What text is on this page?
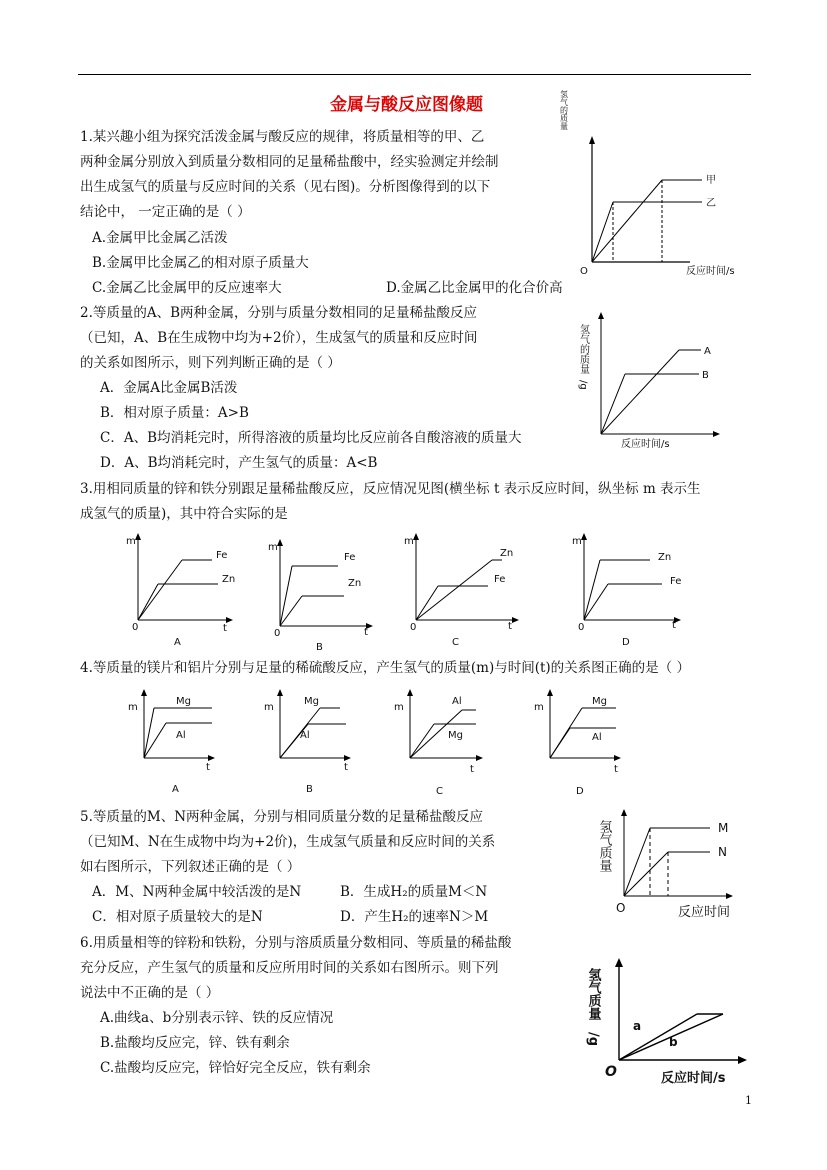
金属与酸反应图像题
1.某兴趣小组为探究活泼金属与酸反应的规律，将质量相等的甲、乙
两种金属分别放入到质量分数相同的足量稀盐酸中，经实验测定并绘制
出生成氢气的质量与反应时间的关系（见右图)。分析图像得到的以下
结论中， 一定正确的是（ ）
A.金属甲比金属乙活泼
B.金属甲比金属乙的相对原子质量大
C.金属乙比金属甲的反应速率大	D.金属乙比金属甲的化合价高
氢气的质量
甲
乙
O	反应时间/s
2.等质量的A、B两种金属，分别与质量分数相同的足量稀盐酸反应
（已知，A、B在生成物中均为+2价），生成氢气的质量和反应时间
的关系如图所示，则下列判断正确的是（ ）
A．金属A比金属B活泼
B．相对原子质量：A>B
C．A、B均消耗完时，所得溶液的质量均比反应前各自酸溶液的质量大
D．A、B均消耗完时，产生氢气的质量：A<B
氢气的质量
/g
A
B
反应时间/s
3.用相同质量的锌和铁分别跟足量稀盐酸反应，反应情况见图(横坐标 t 表示反应时间，纵坐标 m 表示生
成氢气的质量)，其中符合实际的是
m
Fe
Zn
0	t
A
m
Fe
Zn
0	t
B
m
Zn
Fe
0	t
C
m
Zn
Fe
0	t
D
4.等质量的镁片和铝片分别与足量的稀硫酸反应，产生氢气的质量(m)与时间(t)的关系图正确的是（ ）
m
Mg
Al
t
A
m
Mg
Al
t
B
m
Al
Mg
t
C
m
Mg
Al
t
D
5.等质量的M、N两种金属，分别与相同质量分数的足量稀盐酸反应
（已知M、N在生成物中均为+2价)，生成氢气质量和反应时间的关系
如右图所示，下列叙述正确的是（ ）
A．M、N两种金属中较活泼的是N	B．生成H₂的质量M＜N
C．相对原子质量较大的是N	D．产生H₂的速率N＞M
氢气质量	M
N
O	反应时间
6.用质量相等的锌粉和铁粉，分别与溶质质量分数相同、等质量的稀盐酸
充分反应，产生氢气的质量和反应所用时间的关系如右图所示。则下列
说法中不正确的是（ ）
A.曲线a、b分别表示锌、铁的反应情况
B.盐酸均反应完，锌、铁有剩余
C.盐酸均反应完，锌恰好完全反应，铁有剩余
氢气质量
/g
a
b
O	反应时间/s
1
